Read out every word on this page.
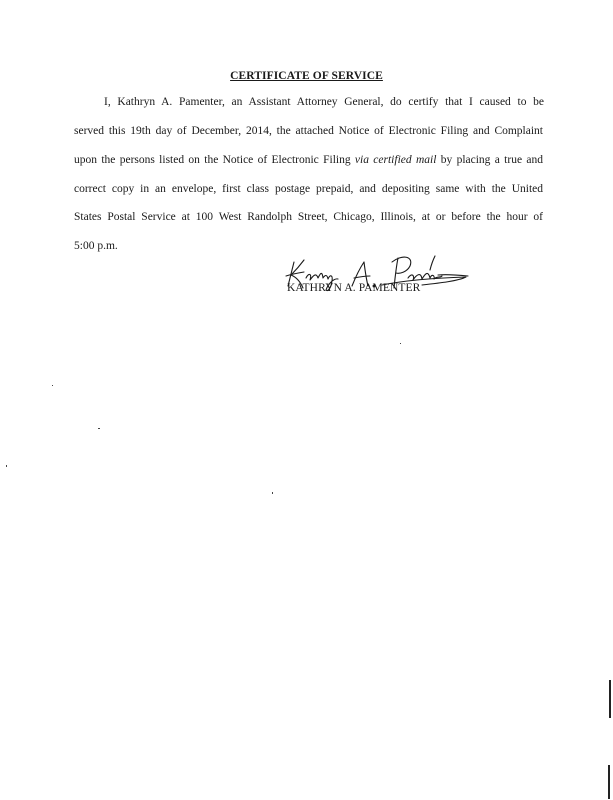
CERTIFICATE OF SERVICE
I, Kathryn A. Pamenter, an Assistant Attorney General, do certify that I caused to be
served this 19th day of December, 2014, the attached Notice of Electronic Filing and Complaint
upon the persons listed on the Notice of Electronic Filing via certified mail by placing a true and
correct copy in an envelope, first class postage prepaid, and depositing same with the United
States Postal Service at 100 West Randolph Street, Chicago, Illinois, at or before the hour of
5:00 p.m.
KATHRYN A. PAMENTER
